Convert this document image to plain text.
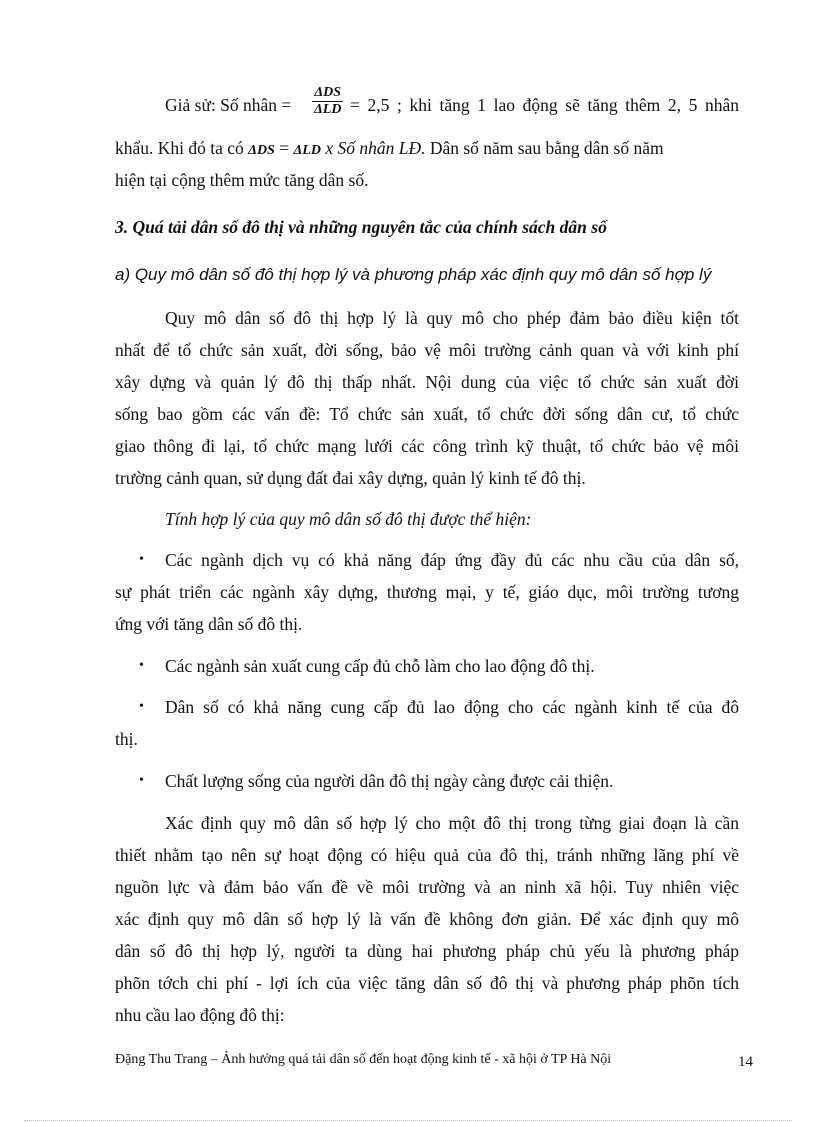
Giả sử: Số nhân =
ΔDS
ΔLD = 2,5 ; khi tăng 1 lao động sẽ tăng thêm 2, 5 nhân
khẩu. Khi đó ta có ΔDS = ΔLD x Số nhân LĐ. Dân số năm sau bằng dân số năm
hiện tại cộng thêm mức tăng dân số.
3. Quá tải dân số đô thị và những nguyên tắc của chính sách dân số
a) Quy mô dân số đô thị hợp lý và phương pháp xác định quy mô dân số hợp lý
Quy mô dân số đô thị hợp lý là quy mô cho phép đảm bảo điều kiện tốt
nhất để tổ chức sản xuất, đời sống, bảo vệ môi trường cảnh quan và với kinh phí
xây dựng và quản lý đô thị thấp nhất. Nội dung của việc tổ chức sản xuất đời
sống bao gồm các vấn đề: Tổ chức sản xuất, tổ chức đời sống dân cư, tổ chức
giao thông đi lại, tổ chức mạng lưới các công trình kỹ thuật, tổ chức bảo vệ môi
trường cảnh quan, sử dụng đất đai xây dựng, quản lý kinh tế đô thị.
Tính hợp lý của quy mô dân số đô thị được thể hiện:
• Các ngành dịch vụ có khả năng đáp ứng đầy đủ các nhu cầu của dân số,
sự phát triển các ngành xây dựng, thương mại, y tế, giáo dục, môi trường tương
ứng với tăng dân số đô thị.
• Các ngành sản xuất cung cấp đủ chỗ làm cho lao động đô thị.
• Dân số có khả năng cung cấp đủ lao động cho các ngành kinh tế của đô
thị.
• Chất lượng sống của người dân đô thị ngày càng được cải thiện.
Xác định quy mô dân số hợp lý cho một đô thị trong từng giai đoạn là cần
thiết nhằm tạo nên sự hoạt động có hiệu quả của đô thị, tránh những lãng phí về
nguồn lực và đảm bảo vấn đề về môi trường và an ninh xã hội. Tuy nhiên việc
xác định quy mô dân số hợp lý là vấn đề không đơn giản. Để xác định quy mô
dân số đô thị hợp lý, người ta dùng hai phương pháp chủ yếu là phương pháp
phõn tớch chi phí - lợi ích của việc tăng dân số đô thị và phương pháp phõn tích
nhu cầu lao động đô thị:
Đặng Thu Trang – Ảnh hưởng quá tải dân số đến hoạt động kinh tế - xã hội ở TP Hà Nội	14
